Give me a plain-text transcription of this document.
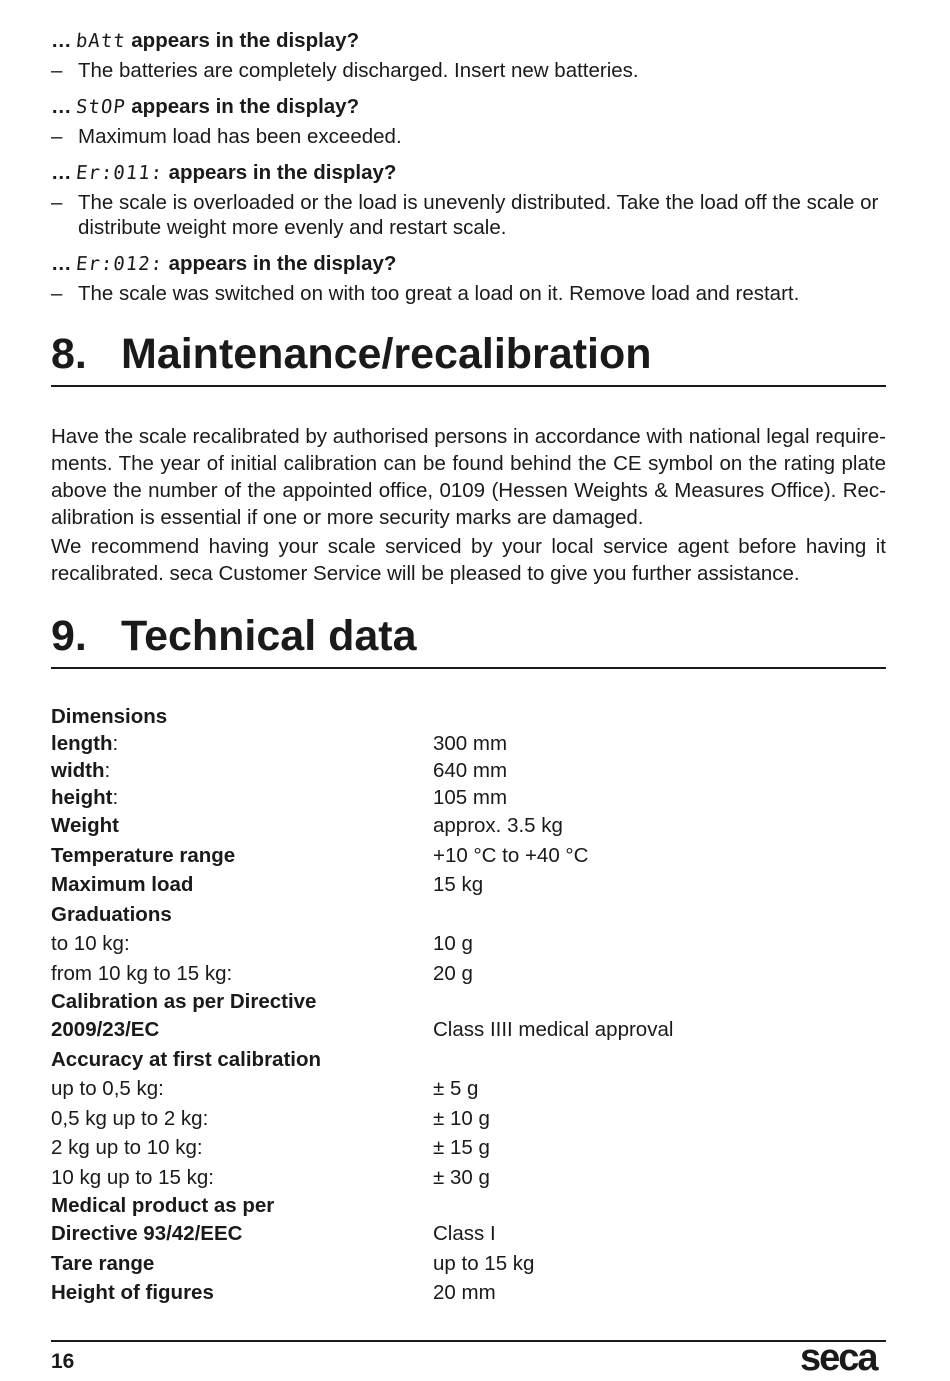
… bAtt appears in the display?
– The batteries are completely discharged. Insert new batteries.
… StOP appears in the display?
– Maximum load has been exceeded.
… Er:011: appears in the display?
– The scale is overloaded or the load is unevenly distributed. Take the load off the scale or distribute weight more evenly and restart scale.
… Er:012: appears in the display?
– The scale was switched on with too great a load on it. Remove load and restart.
8. Maintenance/recalibration
Have the scale recalibrated by authorised persons in accordance with national legal require- ments. The year of initial calibration can be found behind the CE symbol on the rating plate above the number of the appointed office, 0109 (Hessen Weights & Measures Office). Rec- alibration is essential if one or more security marks are damaged.
We recommend having your scale serviced by your local service agent before having it recalibrated. seca Customer Service will be pleased to give you further assistance.
9. Technical data
Dimensions
length:	300 mm
width:	640 mm
height:	105 mm
Weight	approx. 3.5 kg
Temperature range	+10 °C to +40 °C
Maximum load	15 kg
Graduations
to 10 kg:	10 g
from 10 kg to 15 kg:	20 g
Calibration as per Directive
2009/23/EC	Class IIII medical approval
Accuracy at first calibration
up to 0,5 kg:	± 5 g
0,5 kg up to 2 kg:	± 10 g
2 kg up to 10 kg:	± 15 g
10 kg up to 15 kg:	± 30 g
Medical product as per
Directive 93/42/EEC	Class I
Tare range	up to 15 kg
Height of figures	20 mm
16	seca
